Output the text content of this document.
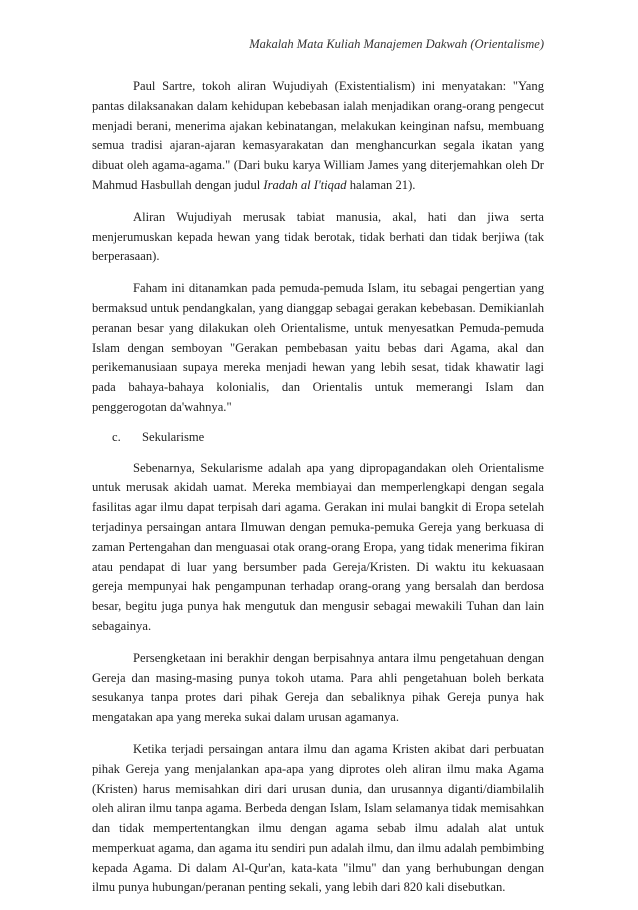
Makalah Mata Kuliah Manajemen Dakwah (Orientalisme)

Paul Sartre, tokoh aliran Wujudiyah (Existentialism) ini menyatakan: "Yang pantas dilaksanakan dalam kehidupan kebebasan ialah menjadikan orang-orang pengecut menjadi berani, menerima ajakan kebinatangan, melakukan keinginan nafsu, membuang semua tradisi ajaran-ajaran kemasyarakatan dan menghancurkan segala ikatan yang dibuat oleh agama-agama." (Dari buku karya William James yang diterjemahkan oleh Dr Mahmud Hasbullah dengan judul Iradah al I'tiqad halaman 21).

Aliran Wujudiyah merusak tabiat manusia, akal, hati dan jiwa serta menjerumuskan kepada hewan yang tidak berotak, tidak berhati dan tidak berjiwa (tak berperasaan).

Faham ini ditanamkan pada pemuda-pemuda Islam, itu sebagai pengertian yang bermaksud untuk pendangkalan, yang dianggap sebagai gerakan kebebasan. Demikianlah peranan besar yang dilakukan oleh Orientalisme, untuk menyesatkan Pemuda-pemuda Islam dengan semboyan "Gerakan pembebasan yaitu bebas dari Agama, akal dan perikemanusiaan supaya mereka menjadi hewan yang lebih sesat, tidak khawatir lagi pada bahaya-bahaya kolonialis, dan Orientalis untuk memerangi Islam dan penggerogotan da'wahnya."

c.	Sekularisme

Sebenarnya, Sekularisme adalah apa yang dipropagandakan oleh Orientalisme untuk merusak akidah uamat. Mereka membiayai dan memperlengkapi dengan segala fasilitas agar ilmu dapat terpisah dari agama. Gerakan ini mulai bangkit di Eropa setelah terjadinya persaingan antara Ilmuwan dengan pemuka-pemuka Gereja yang berkuasa di zaman Pertengahan dan menguasai otak orang-orang Eropa, yang tidak menerima fikiran atau pendapat di luar yang bersumber pada Gereja/Kristen. Di waktu itu kekuasaan gereja mempunyai hak pengampunan terhadap orang-orang yang bersalah dan berdosa besar, begitu juga punya hak mengutuk dan mengusir sebagai mewakili Tuhan dan lain sebagainya.

Persengketaan ini berakhir dengan berpisahnya antara ilmu pengetahuan dengan Gereja dan masing-masing punya tokoh utama. Para ahli pengetahuan boleh berkata sesukanya tanpa protes dari pihak Gereja dan sebaliknya pihak Gereja punya hak mengatakan apa yang mereka sukai dalam urusan agamanya.

Ketika terjadi persaingan antara ilmu dan agama Kristen akibat dari perbuatan pihak Gereja yang menjalankan apa-apa yang diprotes oleh aliran ilmu maka Agama (Kristen) harus memisahkan diri dari urusan dunia, dan urusannya diganti/diambilalih oleh aliran ilmu tanpa agama. Berbeda dengan Islam, Islam selamanya tidak memisahkan dan tidak mempertentangkan ilmu dengan agama sebab ilmu adalah alat untuk memperkuat agama, dan agama itu sendiri pun adalah ilmu, dan ilmu adalah pembimbing kepada Agama. Di dalam Al-Qur'an, kata-kata "ilmu" dan yang berhubungan dengan ilmu punya hubungan/peranan penting sekali, yang lebih dari 820 kali disebutkan.
